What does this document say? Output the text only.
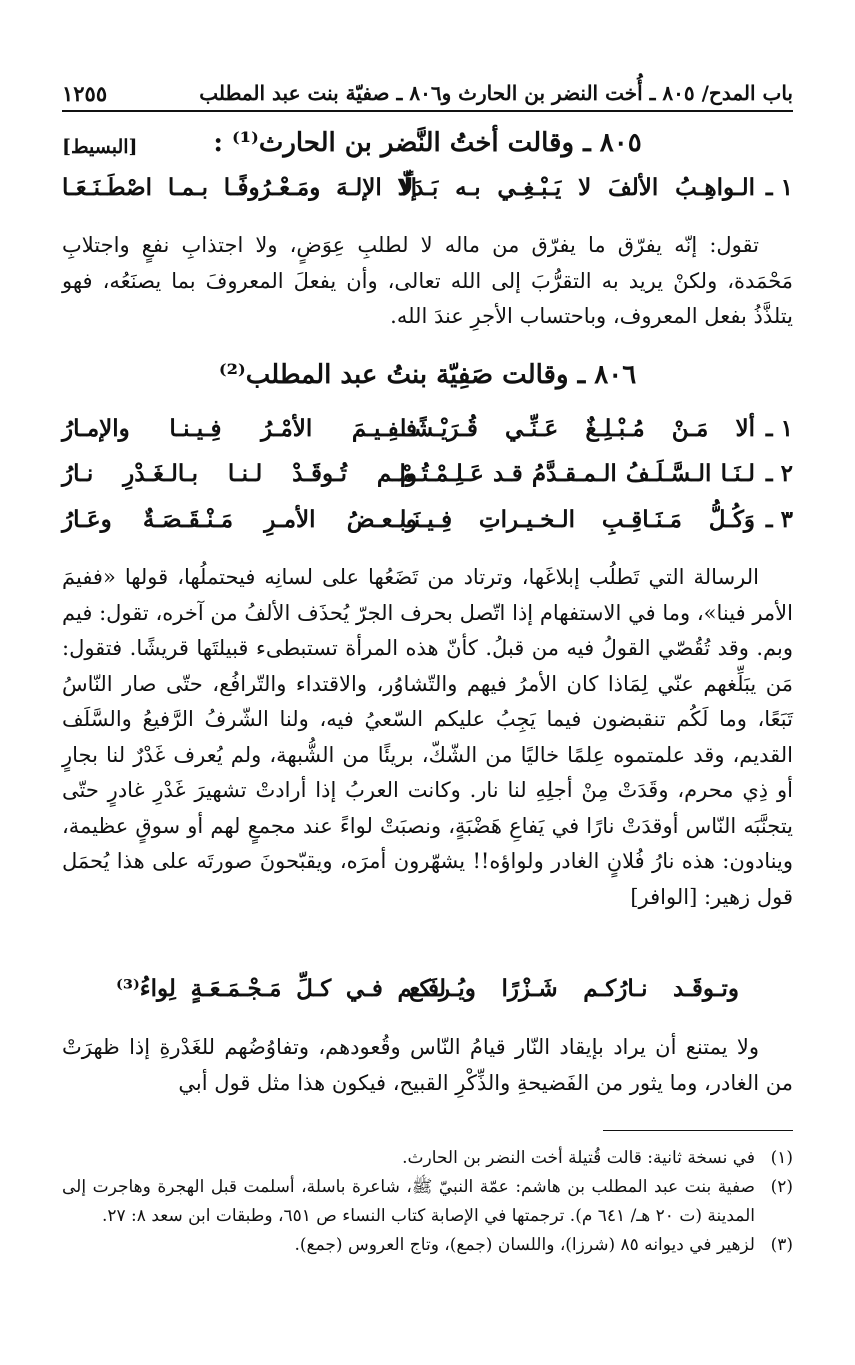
١٢٥٥	باب المدح/ ٨٠٥ ـ أُخت النضر بن الحارث و٨٠٦ ـ صفيّة بنت عبد المطلب
٨٠٥ ـ وقالت أختُ النَّضر بن الحارث⁽¹⁾ :
[البسيط]
١ ـ
الـواهِـبُ الألفَ لا يَـبْـغِـي بـه بَـدَلًا
إلّا الإلـهَ ومَـعْـرُوفًـا بـمـا اصْطَـنَـعَـا

تقول: إنّه يفرّق ما يفرّق من ماله لا لطلبِ عِوَضٍ، ولا اجتذابِ نفعٍ واجتلابِ مَحْمَدة، ولكنْ يريد به التقرُّبَ إلى الله تعالى، وأن يفعلَ المعروفَ بما يصنَعُه، فهو يتلذَّذُ بفعل المعروف، وباحتساب الأجرِ عندَ الله.

٨٠٦ ـ وقالت صَفِيّة بنتُ عبد المطلب⁽²⁾
١ ـ
ألا مَـنْ مُـبْـلِـغٌ عَـنِّـي قُـرَيْـشًـا
فـفِـيـمَ الأمْـرُ فِـيـنـا والإمـارُ
٢ ـ
لـنَـا الـسَّـلَـفُ الـمـقـدَّمُ قـد عَـلِـمْـتُـمْ
ولـم تُـوقَـدْ لـنـا بـالـغَـدْرِ نـارُ
٣ ـ
وَكُـلُّ مَـنَـاقِـبِ الـخـيـراتِ فِـيـنَـا
وبـعـضُ الأمـرِ مَـنْـقَـصَـةٌ وعَـارُ

الرسالة التي تَطلُب إبلاغَها، وترتاد من تَضَعُها على لسانِه فيحتملُها، قولها «ففيمَ الأمر فينا»، وما في الاستفهام إذا اتّصل بحرف الجرّ يُحذَف الألفُ من آخره، تقول: فيم وبم. وقد تُقُصّي القولُ فيه من قبلُ. كأنّ هذه المرأة تستبطىء قبيلتَها قريشًا. فتقول: مَن يبَلِّغهم عنّي لِمَاذا كان الأمرُ فيهم والتّشاوُر، والاقتداء والتّرافُع، حتّى صار النّاسُ تَبَعًا، وما لَكُم تنقبضون فيما يَجِبُ عليكم السّعيُ فيه، ولنا الشّرفُ الرَّفيعُ والسَّلَف القديم، وقد علمتموه عِلمًا خاليًا من الشّكّ، بريئًا من الشُّبهة، ولم يُعرف غَدْرٌ لنا بجارٍ أو ذِي محرم، وقَدَتْ مِنْ أجلِهِ لنا نار. وكانت العربُ إذا أرادتْ تشهيرَ غَدْرِ غادرٍ حتّى يتجنَّبَه النّاس أوقدَتْ نارًا في يَفاعِ هَضْبَةٍ، ونصبَتْ لواءً عند مجمعٍ لهم أو سوقٍ عظيمة، وينادون: هذه نارُ فُلانٍ الغادر ولواؤه!! يشهّرون أمرَه، ويقبّحونَ صورتَه على هذا يُحمَل قول زهير: [الوافر]

وتـوقَـد نـارُكـم شَـزْرًا ويُـرفَـع
لـكـم فـي كـلِّ مَـجْـمَـعَـةٍ لِواءُ⁽³⁾

ولا يمتنع أن يراد بإيقاد النّار قيامُ النّاس وقُعودهم، وتفاوُضُهم للغَدْرةِ إذا ظهرَتْ من الغادر، وما يثور من الفَضيحةِ والذِّكْرِ القبيح، فيكون هذا مثل قول أبي

(١)
في نسخة ثانية: قالت قُتيلة أخت النضر بن الحارث.
(٢)
صفية بنت عبد المطلب بن هاشم: عمّة النبيّ ﷺ، شاعرة باسلة، أسلمت قبل الهجرة وهاجرت إلى المدينة (ت ٢٠ هـ/ ٦٤١ م). ترجمتها في الإصابة كتاب النساء ص ٦٥١، وطبقات ابن سعد ٨: ٢٧.
(٣)
لزهير في ديوانه ٨٥ (شرزا)، واللسان (جمع)، وتاج العروس (جمع).
